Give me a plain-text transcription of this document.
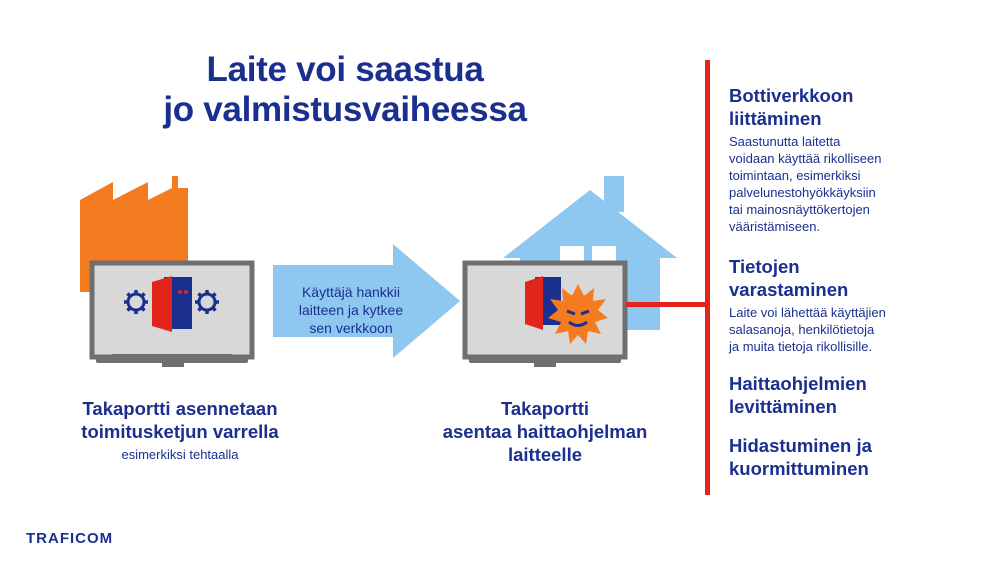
Laite voi saastua
jo valmistusvaiheessa
Käyttäjä hankkii
laitteen ja kytkee
sen verkkoon
Takaportti asennetaan
toimitusketjun varrella
esimerkiksi tehtaalla
Takaportti
asentaa haittaohjelman
laitteelle
Bottiverkkoon
liittäminen
Saastunutta laitetta
voidaan käyttää rikolliseen
toimintaan, esimerkiksi
palvelunestohyökkäyksiin
tai mainosnäyttökertojen
vääristämiseen.
Tietojen
varastaminen
Laite voi lähettää käyttäjien
salasanoja, henkilötietoja
ja muita tietoja rikollisille.
Haittaohjelmien
levittäminen
Hidastuminen ja
kuormittuminen
TRAFICOM
